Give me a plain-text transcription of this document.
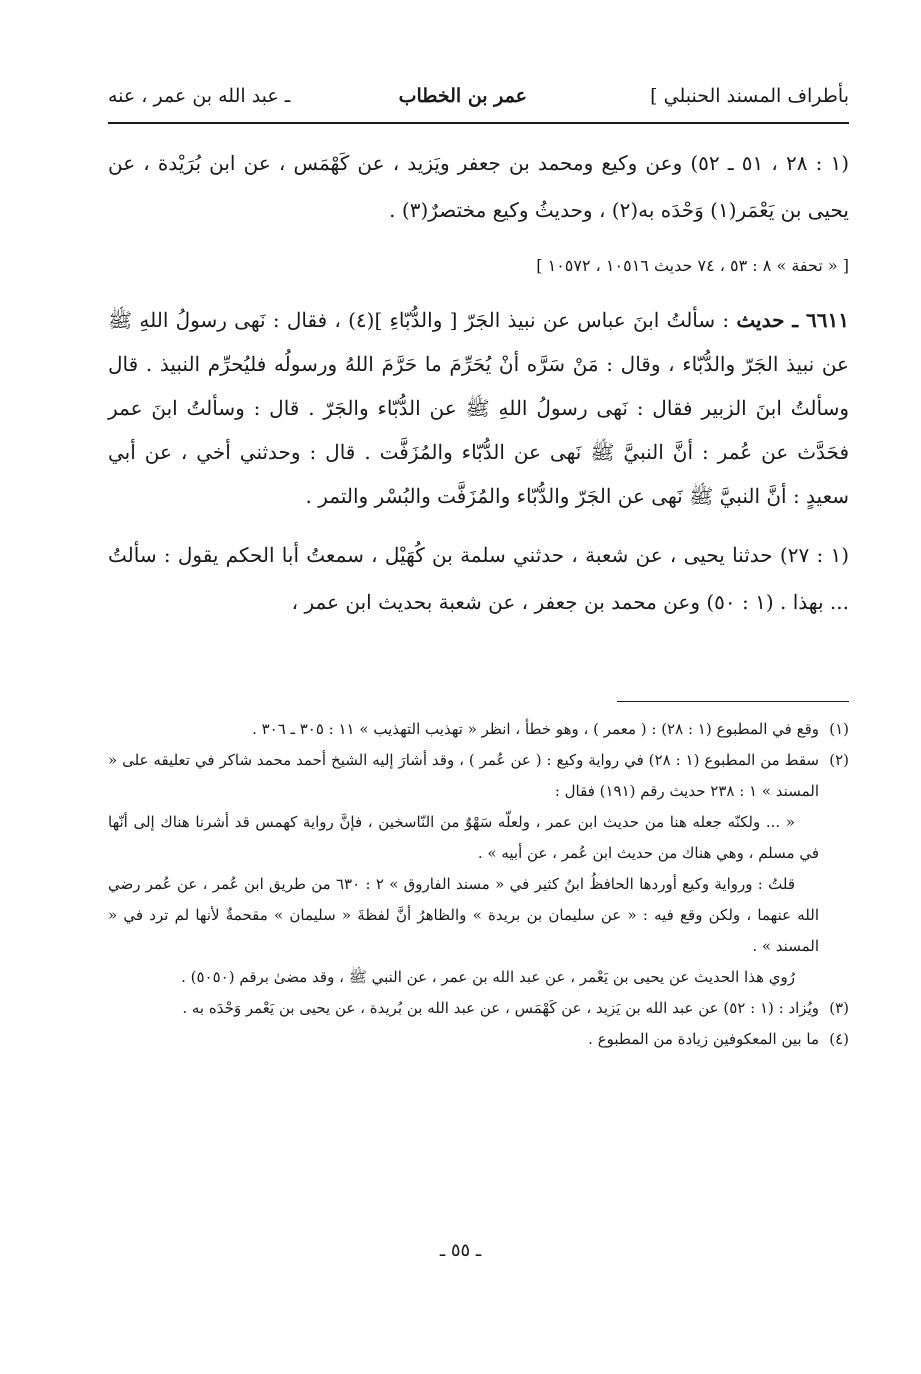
بأطراف المسند الحنبلي ]
عمر بن الخطاب
ـ عبد الله بن عمر ، عنه
(١ : ٢٨ ، ٥١ ـ ٥٢) وعن وكيع ومحمد بن جعفر ويَزيد ، عن كَهْمَس ، عن ابن بُرَيْدة ، عن يحيى بن يَعْمَر(١) وَحْدَه به(٢) ، وحديثُ وكيع مختصرٌ(٣) .
[ « تحفة » ٨ : ٥٣ ، ٧٤ حديث ١٠٥١٦ ، ١٠٥٧٢ ]
٦٦١١ ـ حديث : سألتُ ابنَ عباس عن نبيذ الجَرّ [ والدُّبّاءِ ](٤) ، فقال : نَهى رسولُ اللهِ ﷺ عن نبيذ الجَرّ والدُّبّاء ، وقال : مَنْ سَرَّه أنْ يُحَرِّمَ ما حَرَّمَ اللهُ ورسولُه فليُحرِّم النبيذ . قال وسألتُ ابنَ الزبير فقال : نَهى رسولُ اللهِ ﷺ عن الدُّبّاء والجَرّ . قال : وسألتُ ابنَ عمر فحَدَّث عن عُمر : أنَّ النبيَّ ﷺ نَهى عن الدُّبّاء والمُزَفَّت . قال : وحدثني أخي ، عن أبي سعيدٍ : أنَّ النبيَّ ﷺ نَهى عن الجَرّ والدُّبّاء والمُزَفَّت والبُسْر والتمر .
(١ : ٢٧) حدثنا يحيى ، عن شعبة ، حدثني سلمة بن كُهَيْل ، سمعتُ أبا الحكم يقول : سألتُ ... بهذا . (١ : ٥٠) وعن محمد بن جعفر ، عن شعبة بحديث ابن عمر ،
(١)
وقع في المطبوع (١ : ٢٨) : ( معمر ) ، وهو خطأ ، انظر « تهذيب التهذيب » ١١ : ٣٠٥ ـ ٣٠٦ .
(٢)
سقط من المطبوع (١ : ٢٨) في رواية وكيع : ( عن عُمر ) ، وقد أشارَ إليه الشيخ أحمد محمد شاكر في تعليقه على « المسند » ١ : ٢٣٨ حديث رقم (١٩١) فقال :
« ... ولكنّه جعله هنا من حديث ابن عمر ، ولعلّه سَهْوٌ من النّاسخين ، فإنَّ رواية كهمس قد أشرنا هناك إلى أنّها في مسلم ، وهي هناك من حديث ابن عُمر ، عن أبيه » .
قلتُ : ورواية وكيع أوردها الحافظُ ابنُ كثير في « مسند الفاروق » ٢ : ٦٣٠ من طريق ابن عُمر ، عن عُمر رضي الله عنهما ، ولكن وقع فيه : « عن سليمان بن بريدة » والظاهرُ أنَّ لفظةَ « سليمان » مقحمةٌ لأنها لم ترد في « المسند » .
رُوي هذا الحديث عن يحيى بن يَعْمر ، عن عبد الله بن عمر ، عن النبي ﷺ ، وقد مضىٰ برقم (٥٠٥٠) .
(٣)
ويُزاد : (١ : ٥٢) عن عبد الله بن يَزيد ، عن كَهْمَس ، عن عبد الله بن بُريدة ، عن يحيى بن يَعْمر وَحْدَه به .
(٤)
ما بين المعكوفين زيادة من المطبوع .
ـ ٥٥ ـ
